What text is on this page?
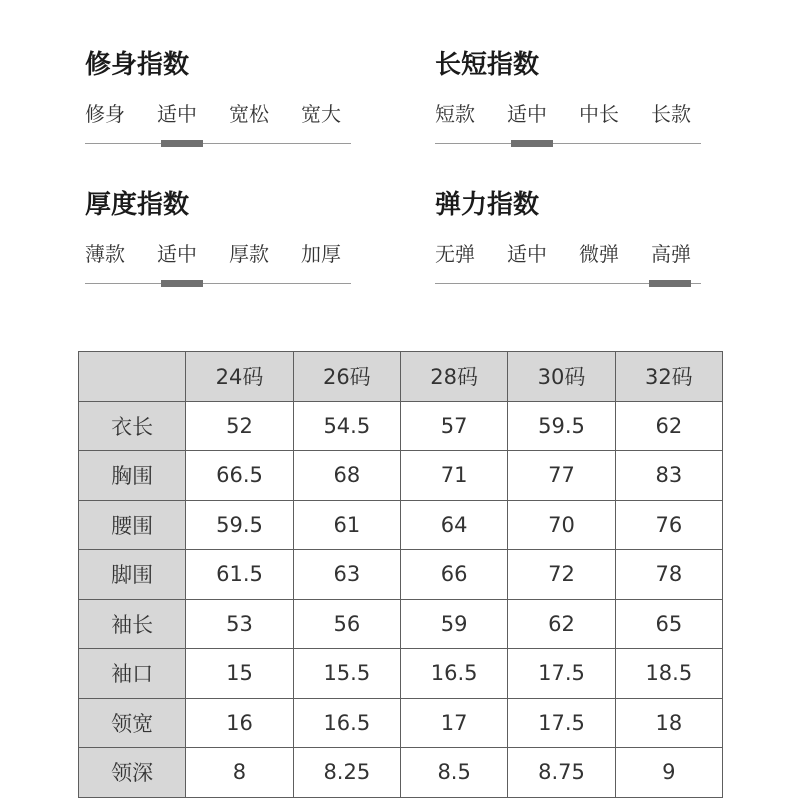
修身指数
修身 适中 宽松 宽大
长短指数
短款 适中 中长 长款
厚度指数
薄款 适中 厚款 加厚
弹力指数
无弹 适中 微弹 高弹
	24码	26码	28码	30码	32码
衣长	52	54.5	57	59.5	62
胸围	66.5	68	71	77	83
腰围	59.5	61	64	70	76
脚围	61.5	63	66	72	78
袖长	53	56	59	62	65
袖口	15	15.5	16.5	17.5	18.5
领宽	16	16.5	17	17.5	18
领深	8	8.25	8.5	8.75	9
